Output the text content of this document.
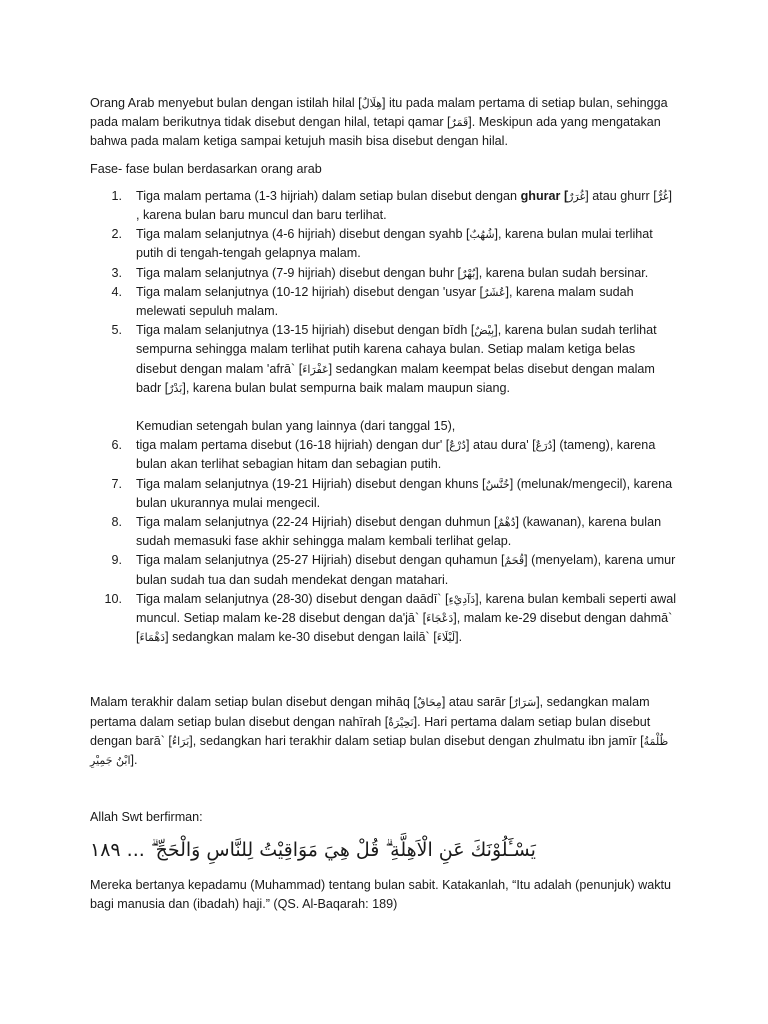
Orang Arab menyebut bulan dengan istilah hilal [هِلَالٌ] itu pada malam pertama di setiap bulan, sehingga pada malam berikutnya tidak disebut dengan hilal, tetapi qamar [قَمَرٌ]. Meskipun ada yang mengatakan bahwa pada malam ketiga sampai ketujuh masih bisa disebut dengan hilal.

Fase- fase bulan berdasarkan orang arab

1. Tiga malam pertama (1-3 hijriah) dalam setiap bulan disebut dengan ghurar [غُرَرٌ] atau ghurr [غُرٌّ] , karena bulan baru muncul dan baru terlihat.
2. Tiga malam selanjutnya (4-6 hijriah) disebut dengan syahb [شُهُبٌ], karena bulan mulai terlihat putih di tengah-tengah gelapnya malam.
3. Tiga malam selanjutnya (7-9 hijriah) disebut dengan buhr [بُهْرٌ], karena bulan sudah bersinar.
4. Tiga malam selanjutnya (10-12 hijriah) disebut dengan 'usyar [عُشَرٌ], karena malam sudah melewati sepuluh malam.
5. Tiga malam selanjutnya (13-15 hijriah) disebut dengan bīdh [بِيْضٌ], karena bulan sudah terlihat sempurna sehingga malam terlihat putih karena cahaya bulan. Setiap malam ketiga belas disebut dengan malam 'afrā` [عَفْرَاءَ] sedangkan malam keempat belas disebut dengan malam badr [بَدْرٌ], karena bulan bulat sempurna baik malam maupun siang.
Kemudian setengah bulan yang lainnya (dari tanggal 15),
6. tiga malam pertama disebut (16-18 hijriah) dengan dur' [دُرْعٌ] atau dura' [دُرَعٌ] (tameng), karena bulan akan terlihat sebagian hitam dan sebagian putih.
7. Tiga malam selanjutnya (19-21 Hijriah) disebut dengan khuns [خُنَّسٌ] (melunak/mengecil), karena bulan ukurannya mulai mengecil.
8. Tiga malam selanjutnya (22-24 Hijriah) disebut dengan duhmun [دُهْمٌ] (kawanan), karena bulan sudah memasuki fase akhir sehingga malam kembali terlihat gelap.
9. Tiga malam selanjutnya (25-27 Hijriah) disebut dengan quhamun [قُحَمٌ] (menyelam), karena umur bulan sudah tua dan sudah mendekat dengan matahari.
10. Tiga malam selanjutnya (28-30) disebut dengan daādī` [دَآدِيْءِ], karena bulan kembali seperti awal muncul. Setiap malam ke-28 disebut dengan da'jā` [دَعْجَاءَ], malam ke-29 disebut dengan dahmā` [دَهْمَاءَ] sedangkan malam ke-30 disebut dengan lailā` [لَيْلَاءَ].

Malam terakhir dalam setiap bulan disebut dengan mihāq [مِحَاقٌ] atau sarār [سَرَارٌ], sedangkan malam pertama dalam setiap bulan disebut dengan nahīrah [نَحِيْرَةٌ]. Hari pertama dalam setiap bulan disebut dengan barā` [بَرَاءُ], sedangkan hari terakhir dalam setiap bulan disebut dengan zhulmatu ibn jamīr [ظُلْمَةُ ابْنُ جَمِيْرِ].

Allah Swt berfirman:

يَسْـَٔلُوْنَكَ عَنِ الْاَهِلَّةِ ۗ قُلْ هِيَ مَوَاقِيْتُ لِلنَّاسِ وَالْحَجِّ ۗ ... ١٨٩

Mereka bertanya kepadamu (Muhammad) tentang bulan sabit. Katakanlah, “Itu adalah (penunjuk) waktu bagi manusia dan (ibadah) haji.” (QS. Al-Baqarah: 189)
